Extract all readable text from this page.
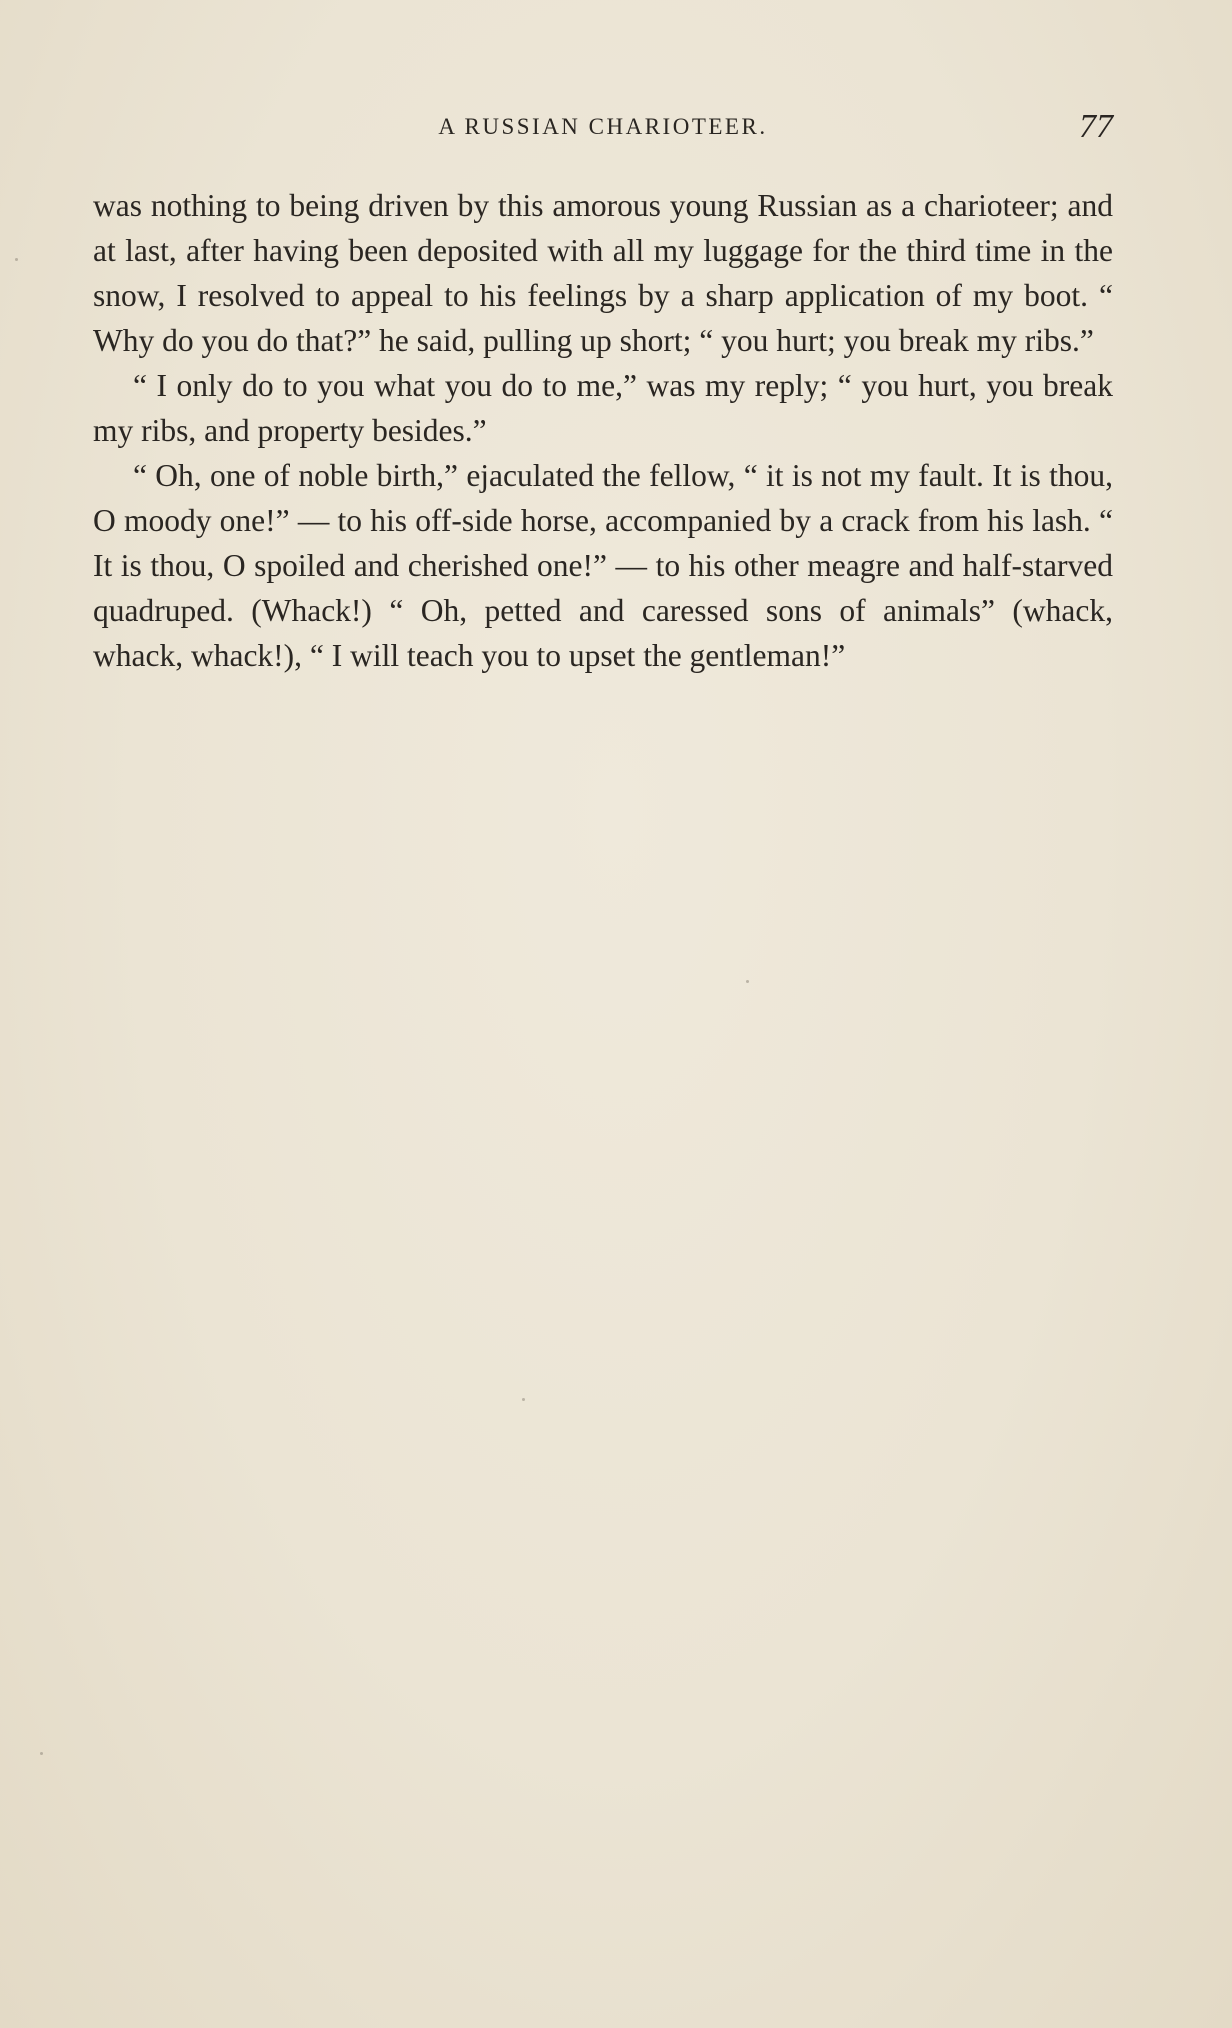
A RUSSIAN CHARIOTEER.	77

was nothing to being driven by this amorous young Russian as a charioteer; and at last, after having been deposited with all my luggage for the third time in the snow, I resolved to appeal to his feelings by a sharp application of my boot. “ Why do you do that?” he said, pulling up short; “ you hurt; you break my ribs.”

“ I only do to you what you do to me,” was my reply; “ you hurt, you break my ribs, and property besides.”

“ Oh, one of noble birth,” ejaculated the fellow, “ it is not my fault. It is thou, O moody one!” — to his off-side horse, accompanied by a crack from his lash. “ It is thou, O spoiled and cherished one!” — to his other meagre and half-starved quadruped. (Whack!) “ Oh, petted and caressed sons of animals” (whack, whack, whack!), “ I will teach you to upset the gentleman!”
